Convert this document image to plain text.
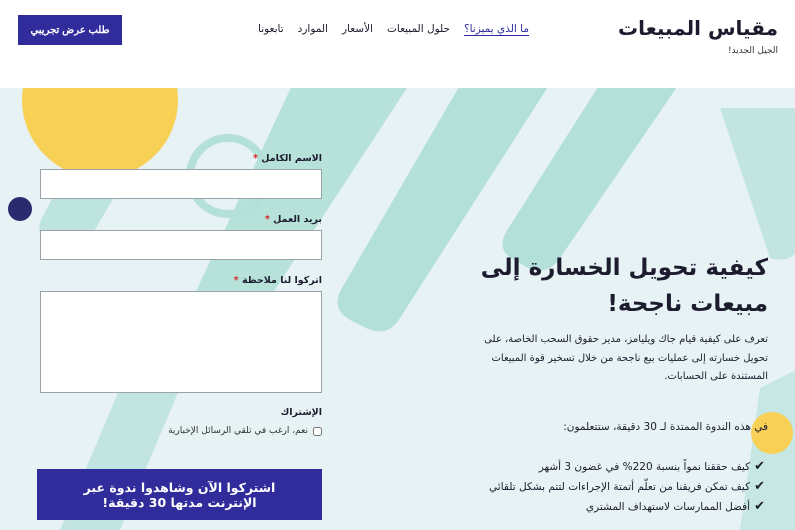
مقياس المبيعات
الجيل الجديد!
ما الذي يميزنا؟
حلول المبيعات
الأسعار
الموارد
تابعونا
طلب عرض تجريبي
الاسم الكامل *
بريد العمل *
اتركوا لنا ملاحظة *
الإشتراك
نعم، ارغب في تلقي الرسائل الإخبارية
اشتركوا الآن وشاهدوا ندوة عبر الإنترنت مدتها 30 دقيقة!
كيفية تحويل الخسارة إلى مبيعات ناجحة!

تعرف على كيفية قيام جاك ويليامز، مدير حقوق السحب الخاصة، على تحويل خسارته إلى عمليات بيع ناجحة من خلال تسخير قوة المبيعات المستندة على الحسابات.

في هذه الندوة الممتدة لـ 30 دقيقة، ستتعلمون:

✔
كيف حققنا نمواً بنسبة 220% في غضون 3 أشهر
✔
كيف تمكن فريقنا من تعلّم أتمتة الإجراءات لتتم بشكل تلقائي
✔
أفضل الممارسات لاستهداف المشتري
